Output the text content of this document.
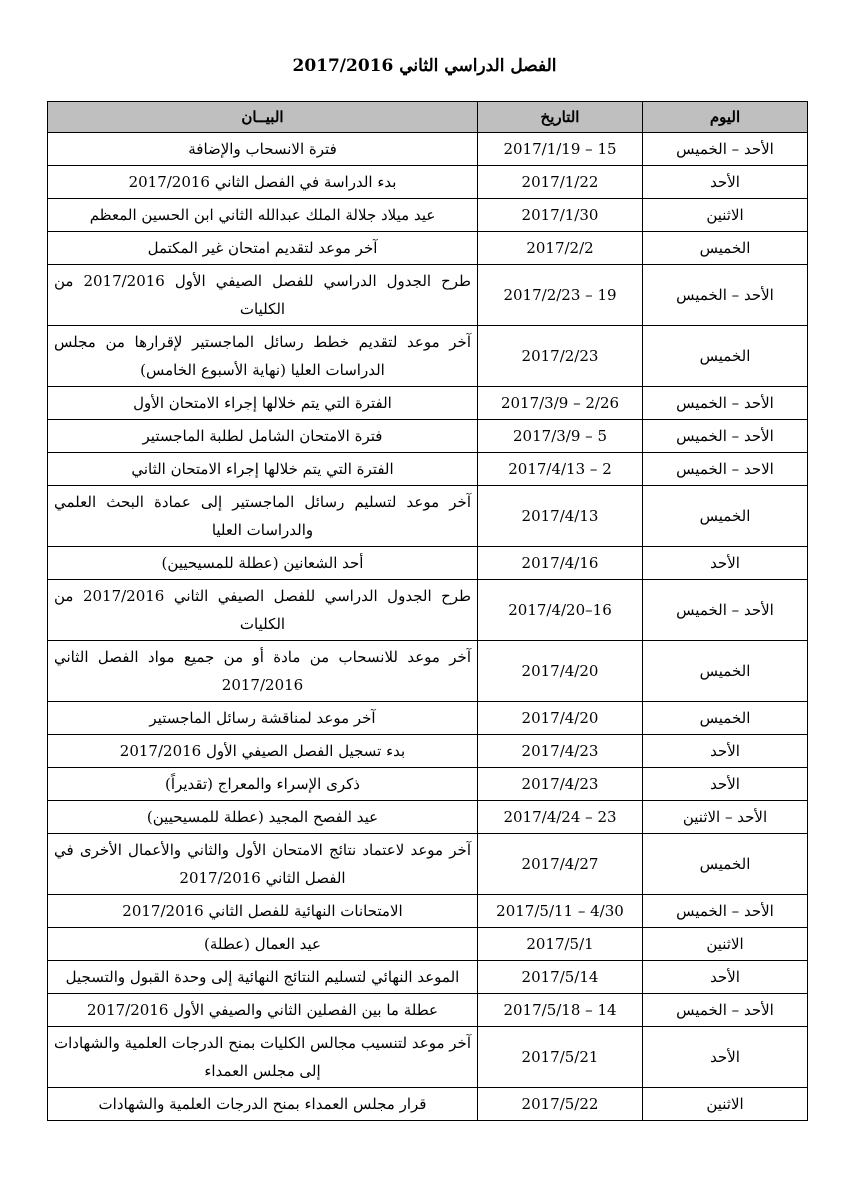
الفصل الدراسي الثاني 2017/2016
اليوم	التاريخ	البيــان
الأحد – الخميس	15 – 2017/1/19	فترة الانسحاب والإضافة
الأحد	2017/1/22	بدء الدراسة في الفصل الثاني 2017/2016
الاثنين	2017/1/30	عيد ميلاد جلالة الملك عبدالله الثاني ابن الحسين المعظم
الخميس	2017/2/2	آخر موعد لتقديم امتحان غير المكتمل
الأحد – الخميس	19 – 2017/2/23	طرح الجدول الدراسي للفصل الصيفي الأول 2017/2016 من الكليات
الخميس	2017/2/23	آخر موعد لتقديم خطط رسائل الماجستير لإقرارها من مجلس الدراسات العليا (نهاية الأسبوع الخامس)
الأحد – الخميس	2/26 – 2017/3/9	الفترة التي يتم خلالها إجراء الامتحان الأول
الأحد – الخميس	5 – 2017/3/9	فترة الامتحان الشامل لطلبة الماجستير
الاحد – الخميس	2 – 2017/4/13	الفترة التي يتم خلالها إجراء الامتحان الثاني
الخميس	2017/4/13	آخر موعد لتسليم رسائل الماجستير إلى عمادة البحث العلمي والدراسات العليا
الأحد	2017/4/16	أحد الشعانين (عطلة للمسيحيين)
الأحد – الخميس	16–2017/4/20	طرح الجدول الدراسي للفصل الصيفي الثاني 2017/2016 من الكليات
الخميس	2017/4/20	آخر موعد للانسحاب من مادة أو من جميع مواد الفصل الثاني 2017/2016
الخميس	2017/4/20	آخر موعد لمناقشة رسائل الماجستير
الأحد	2017/4/23	بدء تسجيل الفصل الصيفي الأول 2017/2016
الأحد	2017/4/23	ذكرى الإسراء والمعراج (تقديراً)
الأحد – الاثنين	23 – 2017/4/24	عيد الفصح المجيد (عطلة للمسيحيين)
الخميس	2017/4/27	آخر موعد لاعتماد نتائج الامتحان الأول والثاني والأعمال الأخرى في الفصل الثاني 2017/2016
الأحد – الخميس	4/30 – 2017/5/11	الامتحانات النهائية للفصل الثاني 2017/2016
الاثنين	2017/5/1	عيد العمال (عطلة)
الأحد	2017/5/14	الموعد النهائي لتسليم النتائج النهائية إلى وحدة القبول والتسجيل
الأحد – الخميس	14 – 2017/5/18	عطلة ما بين الفصلين الثاني والصيفي الأول 2017/2016
الأحد	2017/5/21	آخر موعد لتنسيب مجالس الكليات بمنح الدرجات العلمية والشهادات إلى مجلس العمداء
الاثنين	2017/5/22	قرار مجلس العمداء بمنح الدرجات العلمية والشهادات
